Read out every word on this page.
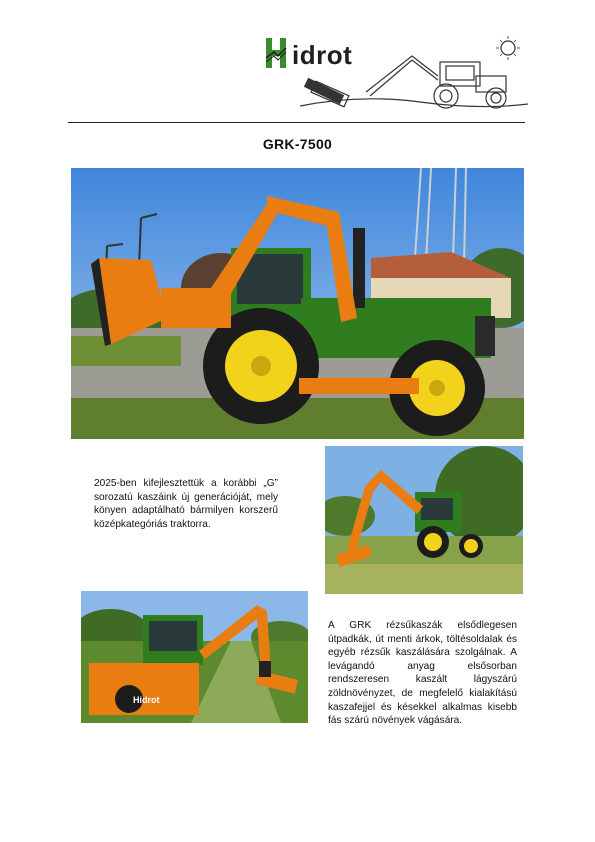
idrot
GRK-7500
2025-ben kifejlesztettük a korábbi „G” sorozatú kaszáink új generációját, mely könyen adaptálható bármilyen korszerű középkategóriás traktorra.
Hidrot
A GRK rézsűkaszák elsődlegesen útpadkák, út menti árkok, töltésoldalak és egyéb rézsűk kaszálására szolgálnak. A levágandó anyag elsősorban rendszeresen kaszált lágyszárú zöldnövényzet, de megfelelő kialakítású kaszafejjel és késekkel alkalmas kisebb fás szárú növények vágására.
